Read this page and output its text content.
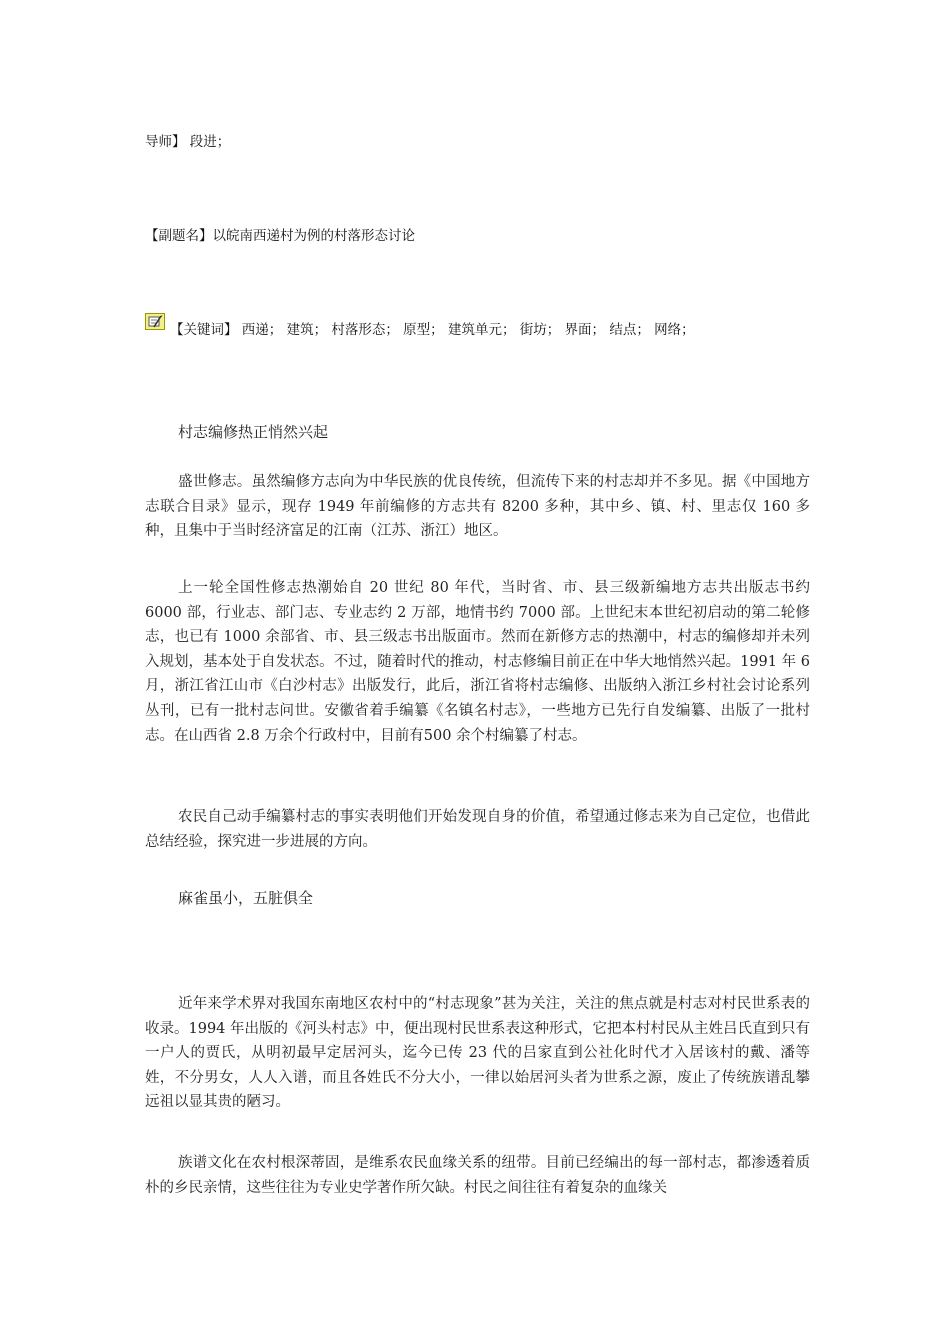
导师】 段进；
【副题名】以皖南西递村为例的村落形态讨论
【关键词】 西递； 建筑； 村落形态； 原型； 建筑单元； 街坊； 界面； 结点； 网络；
村志编修热正悄然兴起

盛世修志。虽然编修方志向为中华民族的优良传统，但流传下来的村志却并不多见。据《中国地方志联合目录》显示，现存 1949 年前编修的方志共有 8200 多种，其中乡、镇、村、里志仅 160 多种，且集中于当时经济富足的江南（江苏、浙江）地区。

上一轮全国性修志热潮始自 20 世纪 80 年代，当时省、市、县三级新编地方志共出版志书约 6000 部，行业志、部门志、专业志约 2 万部，地情书约 7000 部。上世纪末本世纪初启动的第二轮修志，也已有 1000 余部省、市、县三级志书出版面市。然而在新修方志的热潮中，村志的编修却并未列入规划，基本处于自发状态。不过，随着时代的推动，村志修编目前正在中华大地悄然兴起。1991 年 6 月，浙江省江山市《白沙村志》出版发行，此后，浙江省将村志编修、出版纳入浙江乡村社会讨论系列丛刊，已有一批村志问世。安徽省着手编纂《名镇名村志》，一些地方已先行自发编纂、出版了一批村志。在山西省 2.8 万余个行政村中，目前有500 余个村编纂了村志。

农民自己动手编纂村志的事实表明他们开始发现自身的价值，希望通过修志来为自己定位，也借此总结经验，探究进一步进展的方向。

麻雀虽小，五脏俱全

近年来学术界对我国东南地区农村中的“村志现象”甚为关注，关注的焦点就是村志对村民世系表的收录。1994 年出版的《河头村志》中，便出现村民世系表这种形式，它把本村村民从主姓吕氏直到只有一户人的贾氏，从明初最早定居河头，迄今已传 23 代的吕家直到公社化时代才入居该村的戴、潘等姓，不分男女，人人入谱，而且各姓氏不分大小，一律以始居河头者为世系之源，废止了传统族谱乱攀远祖以显其贵的陋习。

族谱文化在农村根深蒂固，是维系农民血缘关系的纽带。目前已经编出的每一部村志，都渗透着质朴的乡民亲情，这些往往为专业史学著作所欠缺。村民之间往往有着复杂的血缘关
